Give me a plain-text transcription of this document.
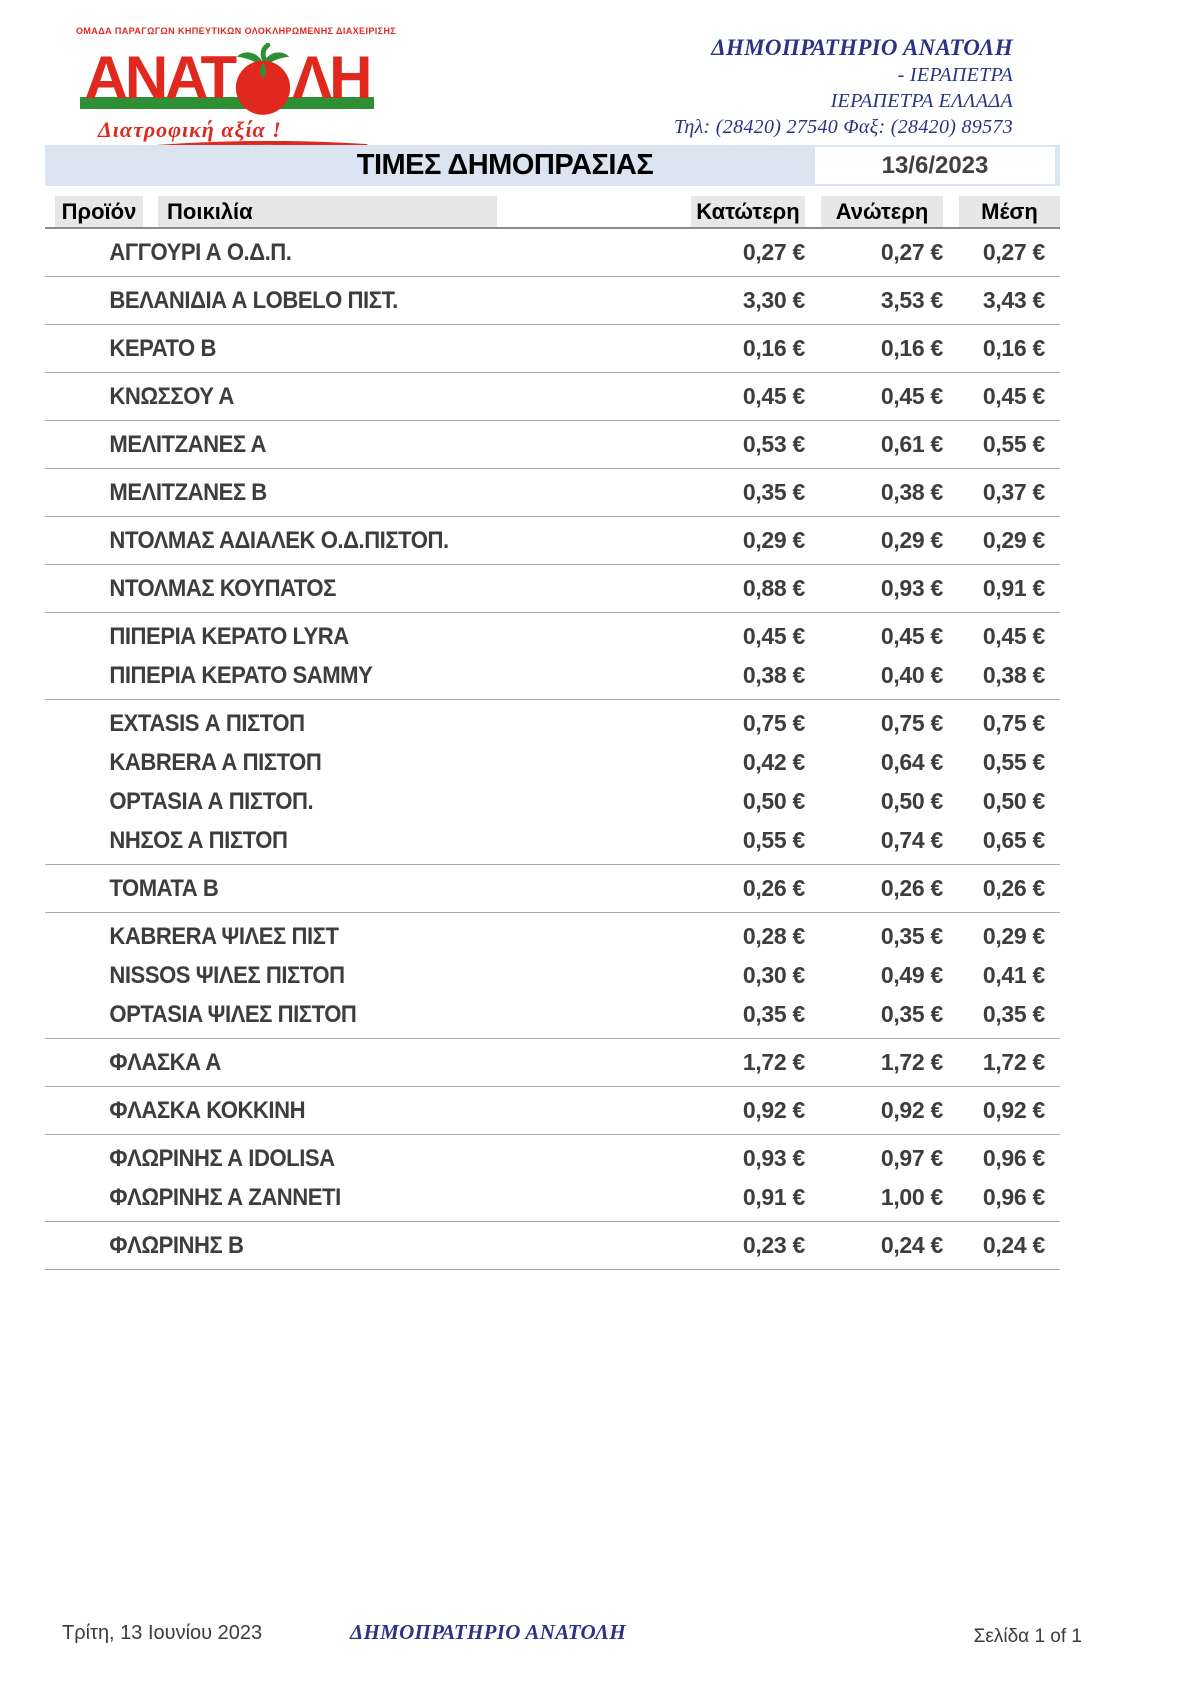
ΟΜΑΔΑ ΠΑΡΑΓΩΓΩΝ ΚΗΠΕΥΤΙΚΩΝ ΟΛΟΚΛΗΡΩΜΕΝΗΣ ΔΙΑΧΕΙΡΙΣΗΣ
ΑΝΑΤ ΛΗ
Διατροφική αξία !
ΔΗΜΟΠΡΑΤΗΡΙΟ ΑΝΑΤΟΛΗ
- ΙΕΡΑΠΕΤΡΑ
ΙΕΡΑΠΕΤΡΑ ΕΛΛΑΔΑ
Τηλ: (28420) 27540 Φαξ: (28420) 89573
ΤΙΜΕΣ ΔΗΜΟΠΡΑΣΙΑΣ	13/6/2023
Προϊόν	Ποικιλία	Κατώτερη	Ανώτερη	Μέση
ΑΓΓΟΥΡΙ Α Ο.Δ.Π.	0,27 €	0,27 €	0,27 €
ΒΕΛΑΝΙΔΙΑ Α LOBELO ΠΙΣΤ.	3,30 €	3,53 €	3,43 €
ΚΕΡΑΤΟ Β	0,16 €	0,16 €	0,16 €
ΚΝΩΣΣΟΥ Α	0,45 €	0,45 €	0,45 €
ΜΕΛΙΤΖΑΝΕΣ Α	0,53 €	0,61 €	0,55 €
ΜΕΛΙΤΖΑΝΕΣ Β	0,35 €	0,38 €	0,37 €
ΝΤΟΛΜΑΣ ΑΔΙΑΛΕΚ Ο.Δ.ΠΙΣΤΟΠ.	0,29 €	0,29 €	0,29 €
ΝΤΟΛΜΑΣ ΚΟΥΠΑΤΟΣ	0,88 €	0,93 €	0,91 €
ΠΙΠΕΡΙΑ ΚΕΡΑΤΟ LYRA	0,45 €	0,45 €	0,45 €
ΠΙΠΕΡΙΑ ΚΕΡΑΤΟ SAMMY	0,38 €	0,40 €	0,38 €
EXTASIS Α ΠΙΣΤΟΠ	0,75 €	0,75 €	0,75 €
KABRERA Α ΠΙΣΤΟΠ	0,42 €	0,64 €	0,55 €
OPTASIA Α ΠΙΣΤΟΠ.	0,50 €	0,50 €	0,50 €
ΝΗΣΟΣ Α ΠΙΣΤΟΠ	0,55 €	0,74 €	0,65 €
ΤΟΜΑΤΑ Β	0,26 €	0,26 €	0,26 €
KABRERA ΨΙΛΕΣ ΠΙΣΤ	0,28 €	0,35 €	0,29 €
NISSOS ΨΙΛΕΣ ΠΙΣΤΟΠ	0,30 €	0,49 €	0,41 €
OPTASIA ΨΙΛΕΣ ΠΙΣΤΟΠ	0,35 €	0,35 €	0,35 €
ΦΛΑΣΚΑ Α	1,72 €	1,72 €	1,72 €
ΦΛΑΣΚΑ ΚΟΚΚΙΝΗ	0,92 €	0,92 €	0,92 €
ΦΛΩΡΙΝΗΣ Α IDOLISA	0,93 €	0,97 €	0,96 €
ΦΛΩΡΙΝΗΣ Α ΖΑΝΝΕΤΙ	0,91 €	1,00 €	0,96 €
ΦΛΩΡΙΝΗΣ Β	0,23 €	0,24 €	0,24 €
Τρίτη, 13 Ιουνίου 2023	ΔΗΜΟΠΡΑΤΗΡΙΟ ΑΝΑΤΟΛΗ	Σελίδα 1 of 1
